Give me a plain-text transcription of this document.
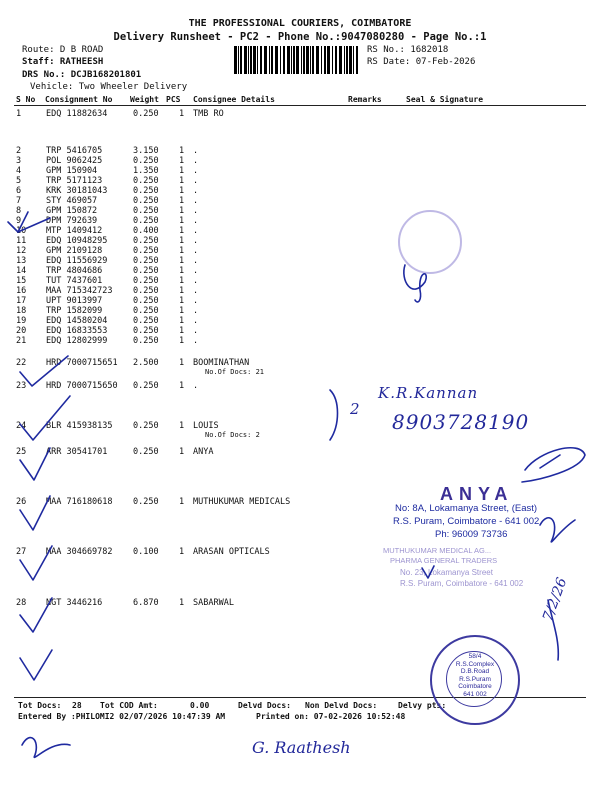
THE PROFESSIONAL COURIERS, COIMBATORE
Delivery Runsheet - PC2 - Phone No.:9047080280 - Page No.:1
Route: D B ROAD
Staff: RATHEESH
DRS No.: DCJB168201801
Vehicle: Two Wheeler Delivery
RS No.: 1682018
RS Date: 07-Feb-2026
S No Consignment No Weight PCS Consignee Details	Remarks	Seal & Signature
1	EDQ 11882634	0.250 1 TMB RO
2	TRP 5416705	3.150 1 .
3	POL 9062425	0.250 1 .
4	GPM 150904	1.350 1 .
5	TRP 5171123	0.250 1 .
6	KRK 30181043	0.250 1 .
7	STY 469057	0.250 1 .
8	GPM 150872	0.250 1 .
9	DPM 792639	0.250 1 .
10 MTP 1409412	0.400 1 .
11 EDQ 10948295	0.250 1 .
12 GPM 2109128	0.250 1 .
13 EDQ 11556929	0.250 1 .
14 TRP 4804686	0.250 1 .
15 TUT 7437601	0.250 1 .
16 MAA 715342723 0.250 1 .
17 UPT 9013997	0.250 1 .
18 TRP 1582099	0.250 1 .
19 EDQ 14580204	0.250 1 .
20 EDQ 16833553	0.250 1 .
21 EDQ 12802999	0.250 1 .
22 HRD 7000715651 2.500 1 BOOMINATHAN
23 HRD 7000715650 0.250 1 .
24 BLR 415938135 0.250 1 LOUIS
25 ARR 30541701	0.250 1 ANYA
26 MAA 716180618 0.250 1 MUTHUKUMAR MEDICALS
27 MAA 304669782 0.100 1 ARASAN OPTICALS
28 NGT 3446216	6.870 1 SABARWAL
No.Of Docs: 21
No.Of Docs: 2
Tot Docs: 28 Tot COD Amt:	0.00	Delvd Docs: Non Delvd Docs:	Delvy pts:
Entered By :PHILOMI2 02/07/2026 10:47:39 AM	Printed on: 07-02-2026 10:52:48
K.R.Kannan
8903728190
2
7/2/26
G. Raathesh
ANYA
No: 8A, Lokamanya Street, (East)
R.S. Puram, Coimbatore - 641 002
Ph: 96009 73736
MUTHUKUMAR MEDICAL AG...
PHARMA GENERAL TRADERS
No. 23, Lokamanya Street
R.S. Puram, Coimbatore - 641 002
58/4
R.S.Complex
D.B.Road
R.S.Puram
Coimbatore
641 002
